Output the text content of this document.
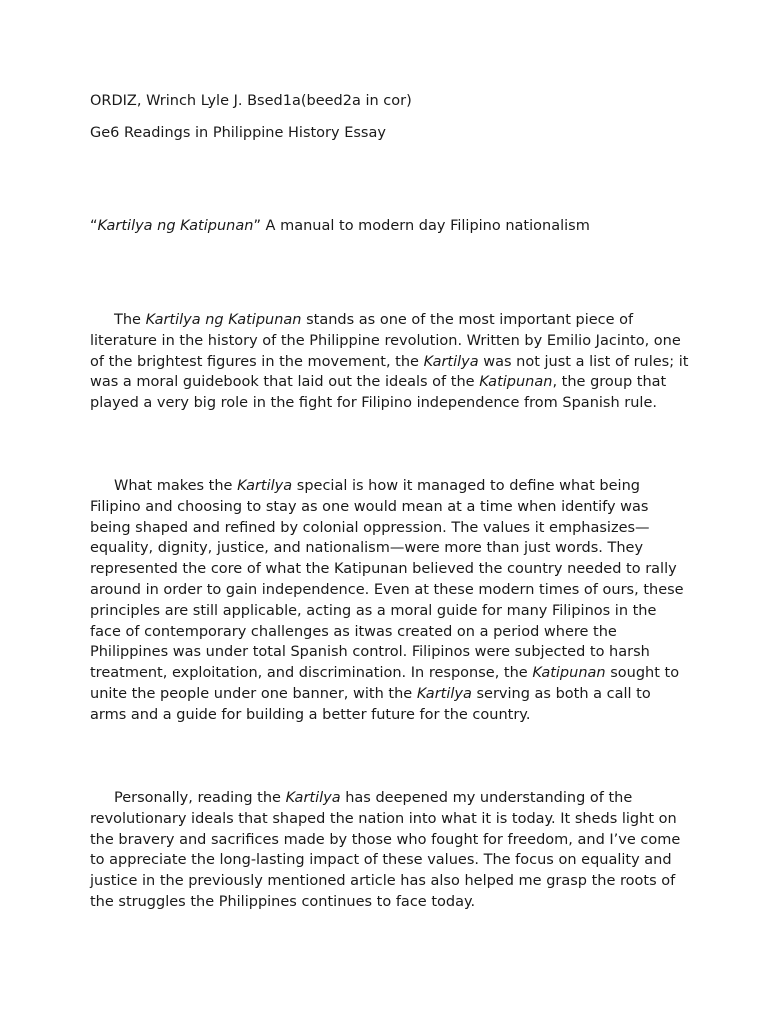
ORDIZ, Wrinch Lyle J. Bsed1a(beed2a in cor)
Ge6 Readings in Philippine History Essay
“Kartilya ng Katipunan” A manual to modern day Filipino nationalism

The Kartilya ng Katipunan stands as one of the most important piece of literature in the history of the Philippine revolution. Written by Emilio Jacinto, one of the brightest figures in the movement, the Kartilya was not just a list of rules; it was a moral guidebook that laid out the ideals of the Katipunan, the group that played a very big role in the fight for Filipino independence from Spanish rule.

What makes the Kartilya special is how it managed to define what being Filipino and choosing to stay as one would mean at a time when identify was being shaped and refined by colonial oppression. The values it emphasizes—equality, dignity, justice, and nationalism—were more than just words. They represented the core of what the Katipunan believed the country needed to rally around in order to gain independence. Even at these modern times of ours, these principles are still applicable, acting as a moral guide for many Filipinos in the face of contemporary challenges as itwas created on a period where the Philippines was under total Spanish control. Filipinos were subjected to harsh treatment, exploitation, and discrimination. In response, the Katipunan sought to unite the people under one banner, with the Kartilya serving as both a call to arms and a guide for building a better future for the country.

Personally, reading the Kartilya has deepened my understanding of the revolutionary ideals that shaped the nation into what it is today. It sheds light on the bravery and sacrifices made by those who fought for freedom, and I’ve come to appreciate the long-lasting impact of these values. The focus on equality and justice in the previously mentioned article has also helped me grasp the roots of the struggles the Philippines continues to face today.
